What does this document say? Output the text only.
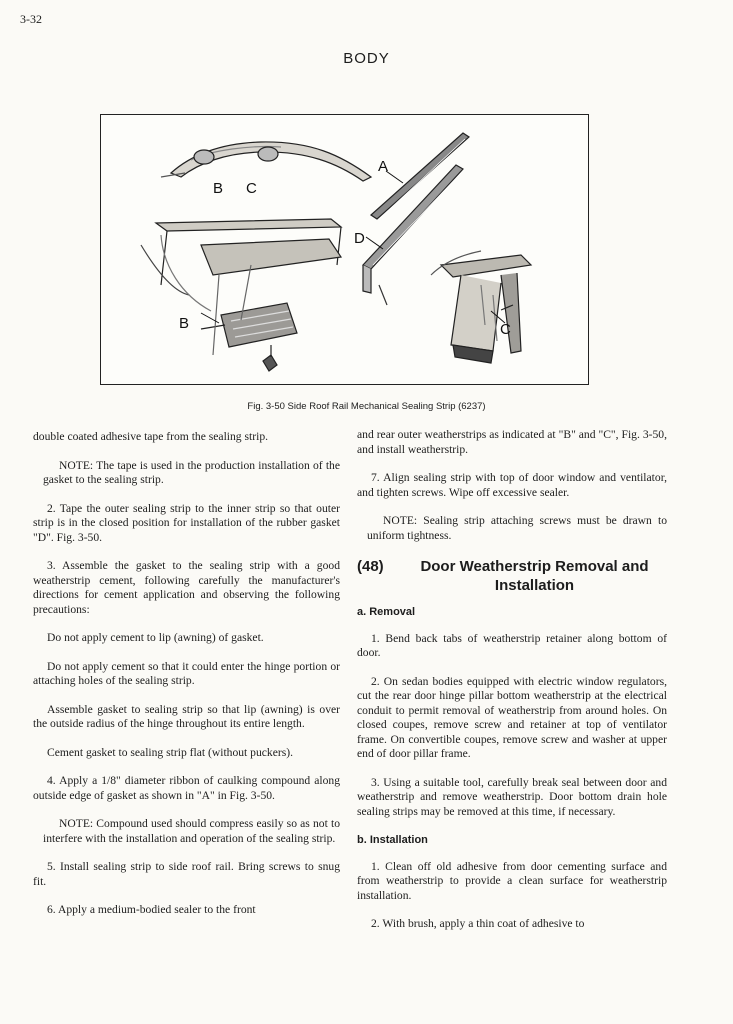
3-32
BODY
A
B C
D
B	C
Fig. 3-50 Side Roof Rail Mechanical Sealing Strip (6237)

double coated adhesive tape from the sealing strip.

NOTE: The tape is used in the production installation of the gasket to the sealing strip.

2. Tape the outer sealing strip to the inner strip so that outer strip is in the closed position for installation of the rubber gasket "D". Fig. 3-50.

3. Assemble the gasket to the sealing strip with a good weatherstrip cement, following carefully the manufacturer's directions for cement application and observing the following precautions:

Do not apply cement to lip (awning) of gasket.

Do not apply cement so that it could enter the hinge portion or attaching holes of the sealing strip.

Assemble gasket to sealing strip so that lip (awning) is over the outside radius of the hinge throughout its entire length.

Cement gasket to sealing strip flat (without puckers).

4. Apply a 1/8" diameter ribbon of caulking compound along outside edge of gasket as shown in "A" in Fig. 3-50.

NOTE: Compound used should compress easily so as not to interfere with the installation and operation of the sealing strip.

5. Install sealing strip to side roof rail. Bring screws to snug fit.

6. Apply a medium-bodied sealer to the front

and rear outer weatherstrips as indicated at "B" and "C", Fig. 3-50, and install weatherstrip.

7. Align sealing strip with top of door window and ventilator, and tighten screws. Wipe off excessive sealer.

NOTE: Sealing strip attaching screws must be drawn to uniform tightness.

(48)	Door Weatherstrip Removal and Installation
a. Removal

1. Bend back tabs of weatherstrip retainer along bottom of door.

2. On sedan bodies equipped with electric window regulators, cut the rear door hinge pillar bottom weatherstrip at the electrical conduit to permit removal of weatherstrip from around holes. On closed coupes, remove screw and retainer at top of ventilator frame. On convertible coupes, remove screw and washer at upper end of door pillar frame.

3. Using a suitable tool, carefully break seal between door and weatherstrip and remove weatherstrip. Door bottom drain hole sealing strips may be removed at this time, if necessary.

b. Installation

1. Clean off old adhesive from door cementing surface and from weatherstrip to provide a clean surface for weatherstrip installation.

2. With brush, apply a thin coat of adhesive to
